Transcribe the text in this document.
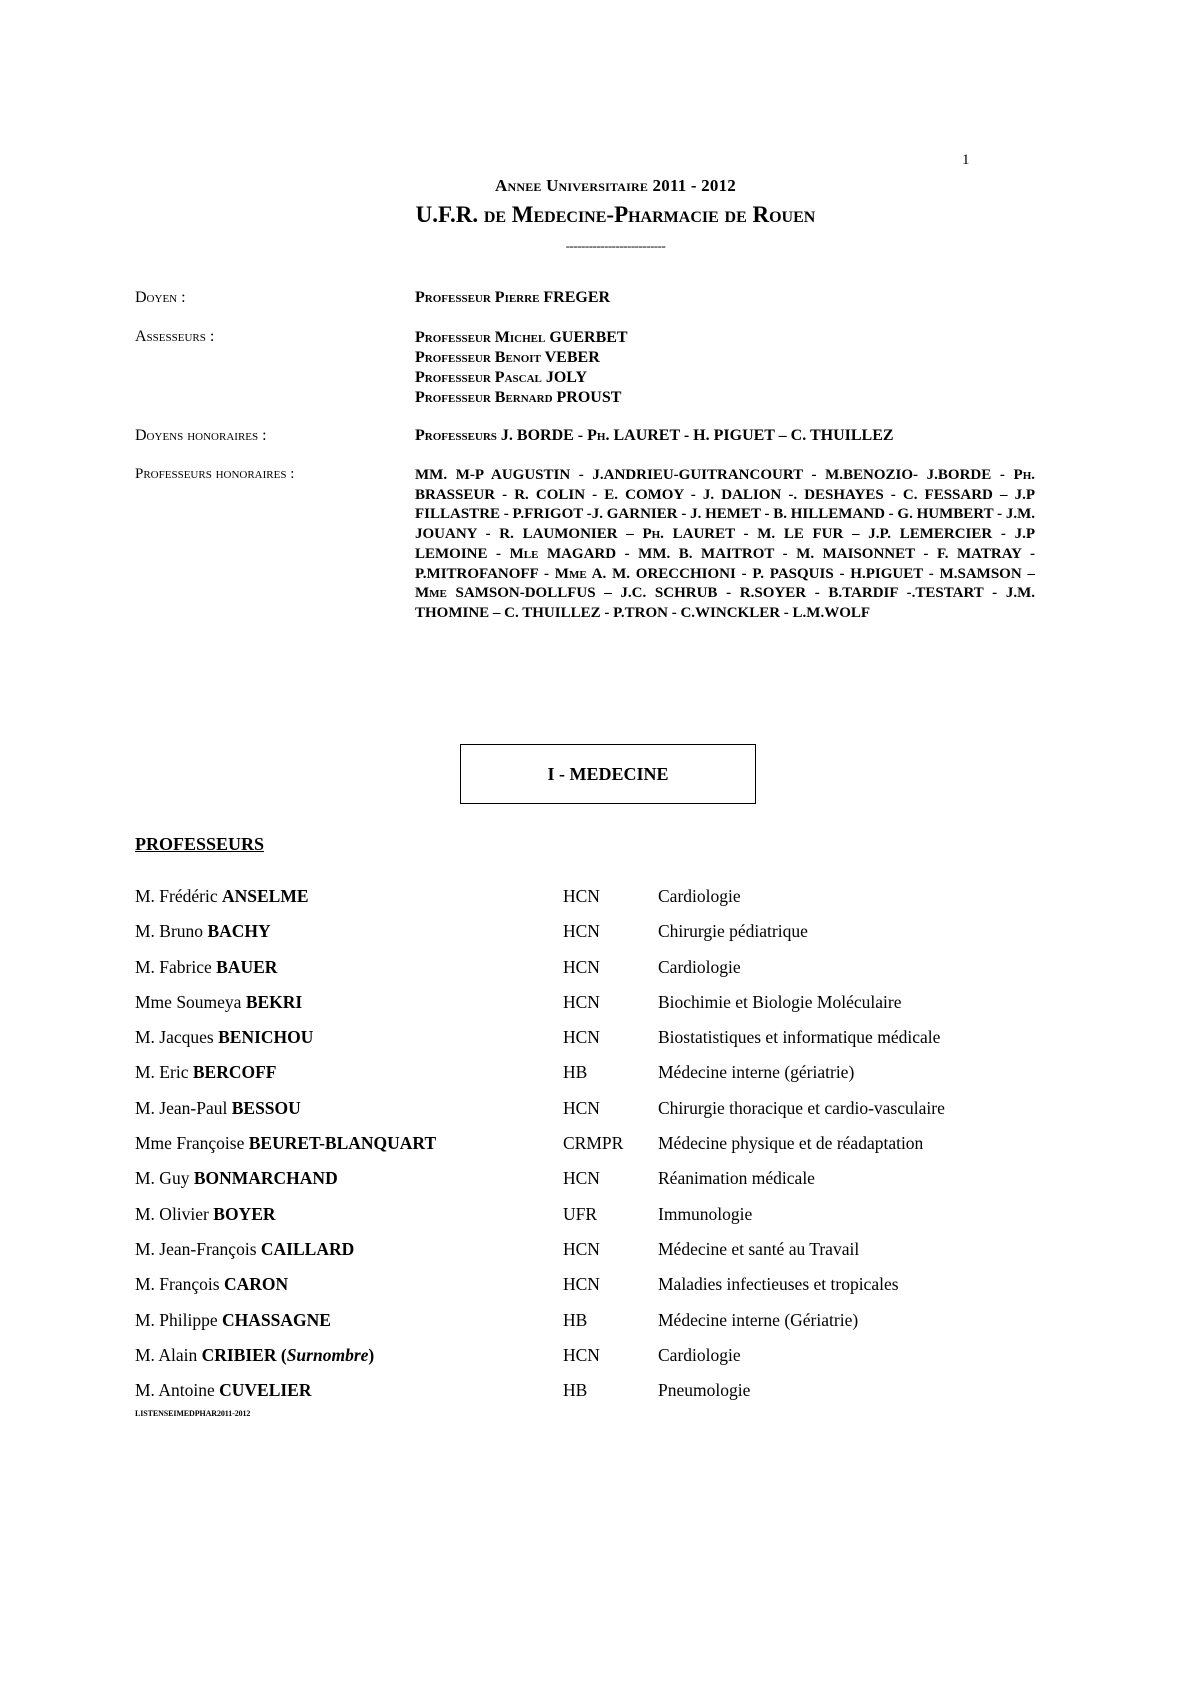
1
Annee Universitaire 2011 - 2012
U.F.R. de Medecine-Pharmacie de Rouen
--------------------------
Doyen :	Professeur Pierre FREGER
Assesseurs :	Professeur Michel GUERBET
Professeur Benoit VEBER
Professeur Pascal JOLY
Professeur Bernard PROUST
Doyens honoraires :	Professeurs J. BORDE - Ph. LAURET - H. PIGUET – C. THUILLEZ
Professeurs honoraires :	MM. M-P AUGUSTIN - J.ANDRIEU-GUITRANCOURT - M.BENOZIO- J.BORDE - Ph. BRASSEUR - R. COLIN - E. COMOY - J. DALION -. DESHAYES - C. FESSARD – J.P FILLASTRE - P.FRIGOT -J. GARNIER - J. HEMET - B. HILLEMAND - G. HUMBERT - J.M. JOUANY - R. LAUMONIER – Ph. LAURET - M. LE FUR – J.P. LEMERCIER - J.P LEMOINE - Mle MAGARD - MM. B. MAITROT - M. MAISONNET - F. MATRAY - P.MITROFANOFF - Mme A. M. ORECCHIONI - P. PASQUIS - H.PIGUET - M.SAMSON – Mme SAMSON-DOLLFUS – J.C. SCHRUB - R.SOYER - B.TARDIF -.TESTART - J.M. THOMINE – C. THUILLEZ - P.TRON - C.WINCKLER - L.M.WOLF
I - MEDECINE
PROFESSEURS
M. Frédéric ANSELME	HCN	Cardiologie
M. Bruno BACHY	HCN	Chirurgie pédiatrique
M. Fabrice BAUER	HCN	Cardiologie
Mme Soumeya BEKRI	HCN	Biochimie et Biologie Moléculaire
M. Jacques BENICHOU	HCN	Biostatistiques et informatique médicale
M. Eric BERCOFF	HB	Médecine interne (gériatrie)
M. Jean-Paul BESSOU	HCN	Chirurgie thoracique et cardio-vasculaire
Mme Françoise BEURET-BLANQUART	CRMPR Médecine physique et de réadaptation
M. Guy BONMARCHAND	HCN	Réanimation médicale
M. Olivier BOYER	UFR	Immunologie
M. Jean-François CAILLARD	HCN	Médecine et santé au Travail
M. François CARON	HCN	Maladies infectieuses et tropicales
M. Philippe CHASSAGNE	HB	Médecine interne (Gériatrie)
M. Alain CRIBIER (Surnombre)	HCN	Cardiologie
M. Antoine CUVELIER	HB	Pneumologie
LISTENSEIMEDPHAR2011-2012
